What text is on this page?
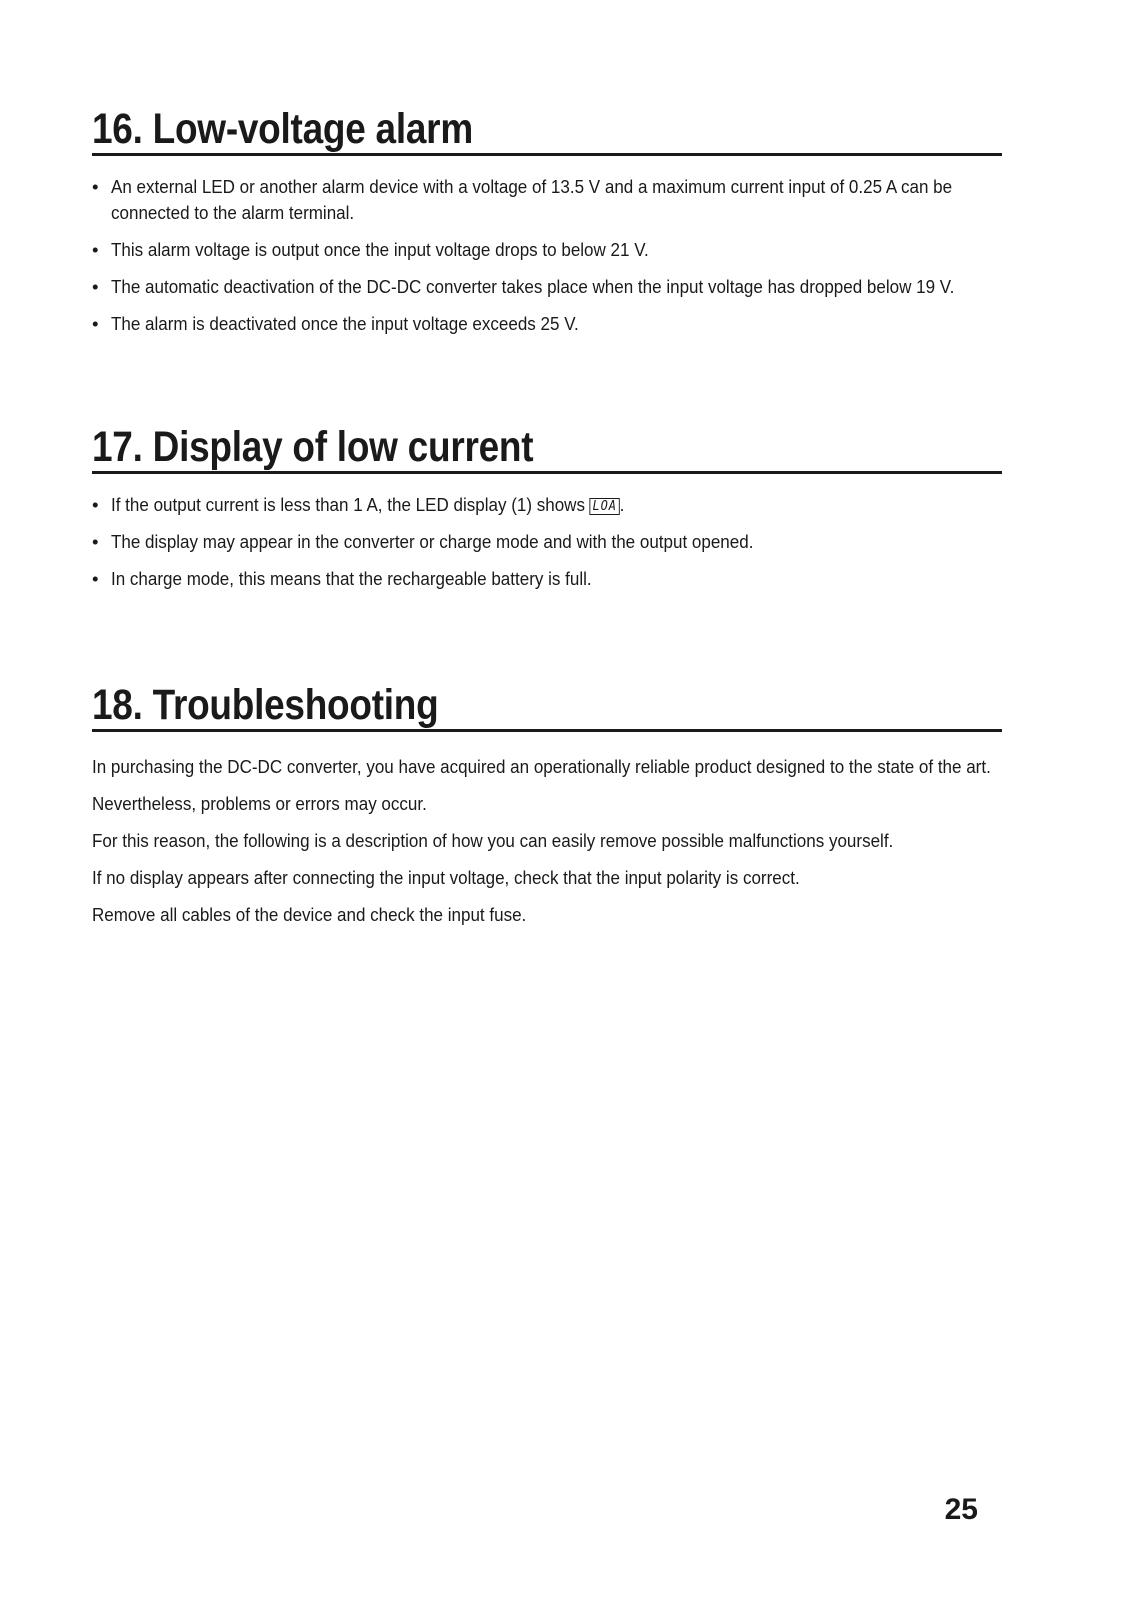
16. Low-voltage alarm
• An external LED or another alarm device with a voltage of 13.5 V and a maximum current input of 0.25 A can be connected to the alarm terminal.
• This alarm voltage is output once the input voltage drops to below 21 V.
• The automatic deactivation of the DC-DC converter takes place when the input voltage has dropped below 19 V.
• The alarm is deactivated once the input voltage exceeds 25 V.
17. Display of low current
• If the output current is less than 1 A, the LED display (1) shows LOA .
• The display may appear in the converter or charge mode and with the output opened.
• In charge mode, this means that the rechargeable battery is full.
18. Troubleshooting

In purchasing the DC-DC converter, you have acquired an operationally reliable product designed to the state of the art.

Nevertheless, problems or errors may occur.

For this reason, the following is a description of how you can easily remove possible malfunctions yourself.

If no display appears after connecting the input voltage, check that the input polarity is correct.

Remove all cables of the device and check the input fuse.

25
